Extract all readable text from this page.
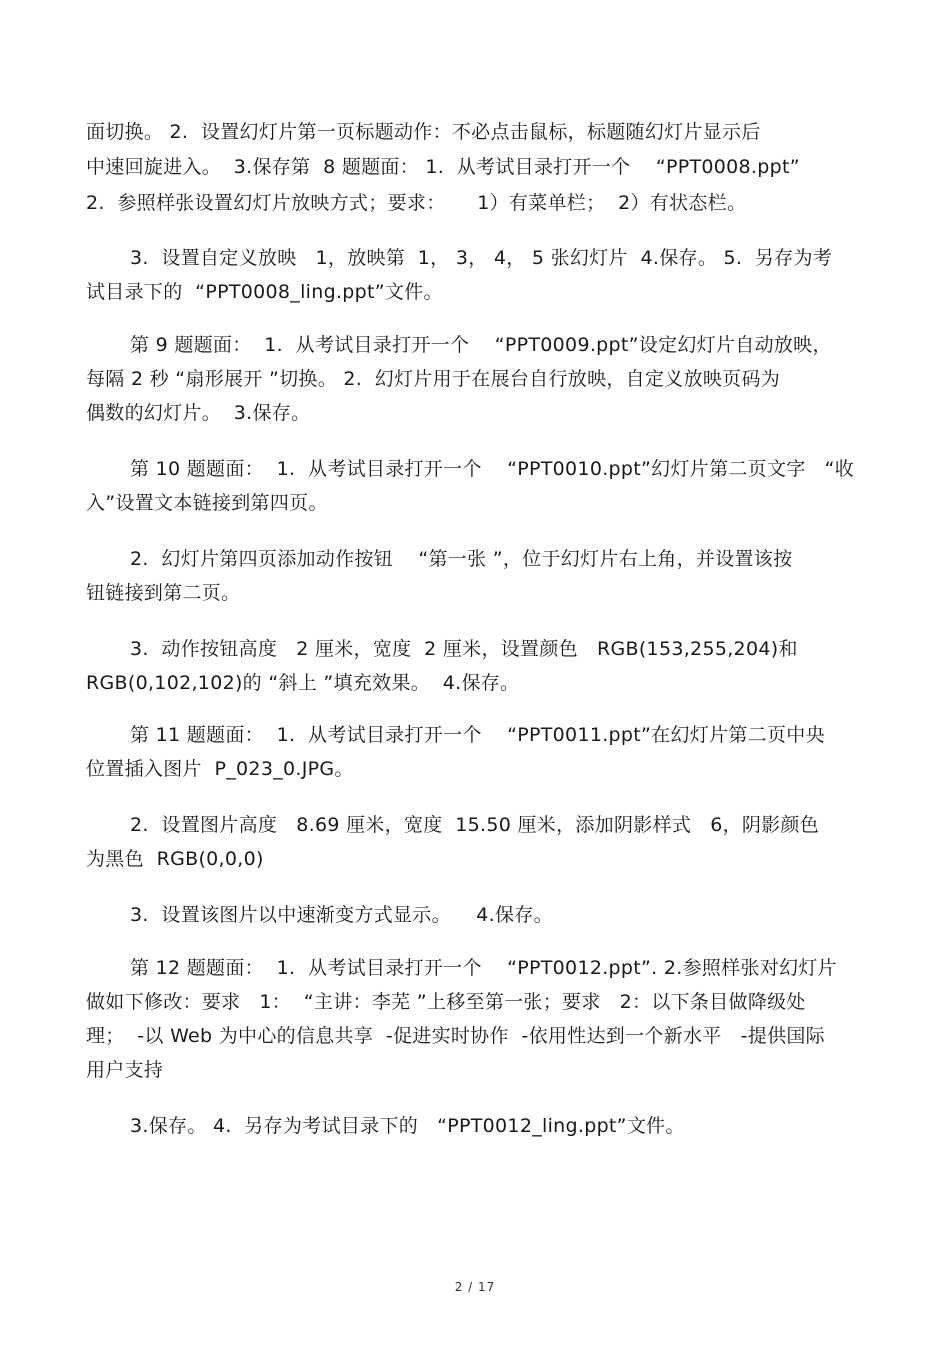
面切换。 2.  设置幻灯片第一页标题动作：不必点击鼠标，标题随幻灯片显示后
中速回旋进入。  3.保存第  8 题题面： 1.  从考试目录打开一个    “PPT0008.ppt”
2.  参照样张设置幻灯片放映方式；要求：     1）有菜单栏；  2）有状态栏。
3.  设置自定义放映   1，放映第  1， 3， 4， 5 张幻灯片  4.保存。 5.  另存为考
试目录下的  “PPT0008_ling.ppt”文件。
第 9 题题面：  1.  从考试目录打开一个    “PPT0009.ppt”设定幻灯片自动放映，
每隔 2 秒 “扇形展开 ”切换。 2.  幻灯片用于在展台自行放映，自定义放映页码为
偶数的幻灯片。  3.保存。
第 10 题题面：  1.  从考试目录打开一个    “PPT0010.ppt”幻灯片第二页文字   “收
入”设置文本链接到第四页。
2.  幻灯片第四页添加动作按钮    “第一张 ”，位于幻灯片右上角，并设置该按
钮链接到第二页。
3.  动作按钮高度   2 厘米，宽度  2 厘米，设置颜色   RGB(153,255,204)和
RGB(0,102,102)的 “斜上 ”填充效果。  4.保存。
第 11 题题面：  1.  从考试目录打开一个    “PPT0011.ppt”在幻灯片第二页中央
位置插入图片  P_023_0.JPG。
2.  设置图片高度   8.69 厘米，宽度  15.50 厘米，添加阴影样式   6，阴影颜色
为黑色  RGB(0,0,0)
3.  设置该图片以中速渐变方式显示。    4.保存。
第 12 题题面：  1.  从考试目录打开一个    “PPT0012.ppt”. 2.参照样张对幻灯片
做如下修改：要求   1：  “主讲：李芜 ”上移至第一张；要求   2：以下条目做降级处
理；  -以 Web 为中心的信息共享  -促进实时协作  -依用性达到一个新水平   -提供国际
用户支持
3.保存。 4.  另存为考试目录下的   “PPT0012_ling.ppt”文件。
2 / 17
